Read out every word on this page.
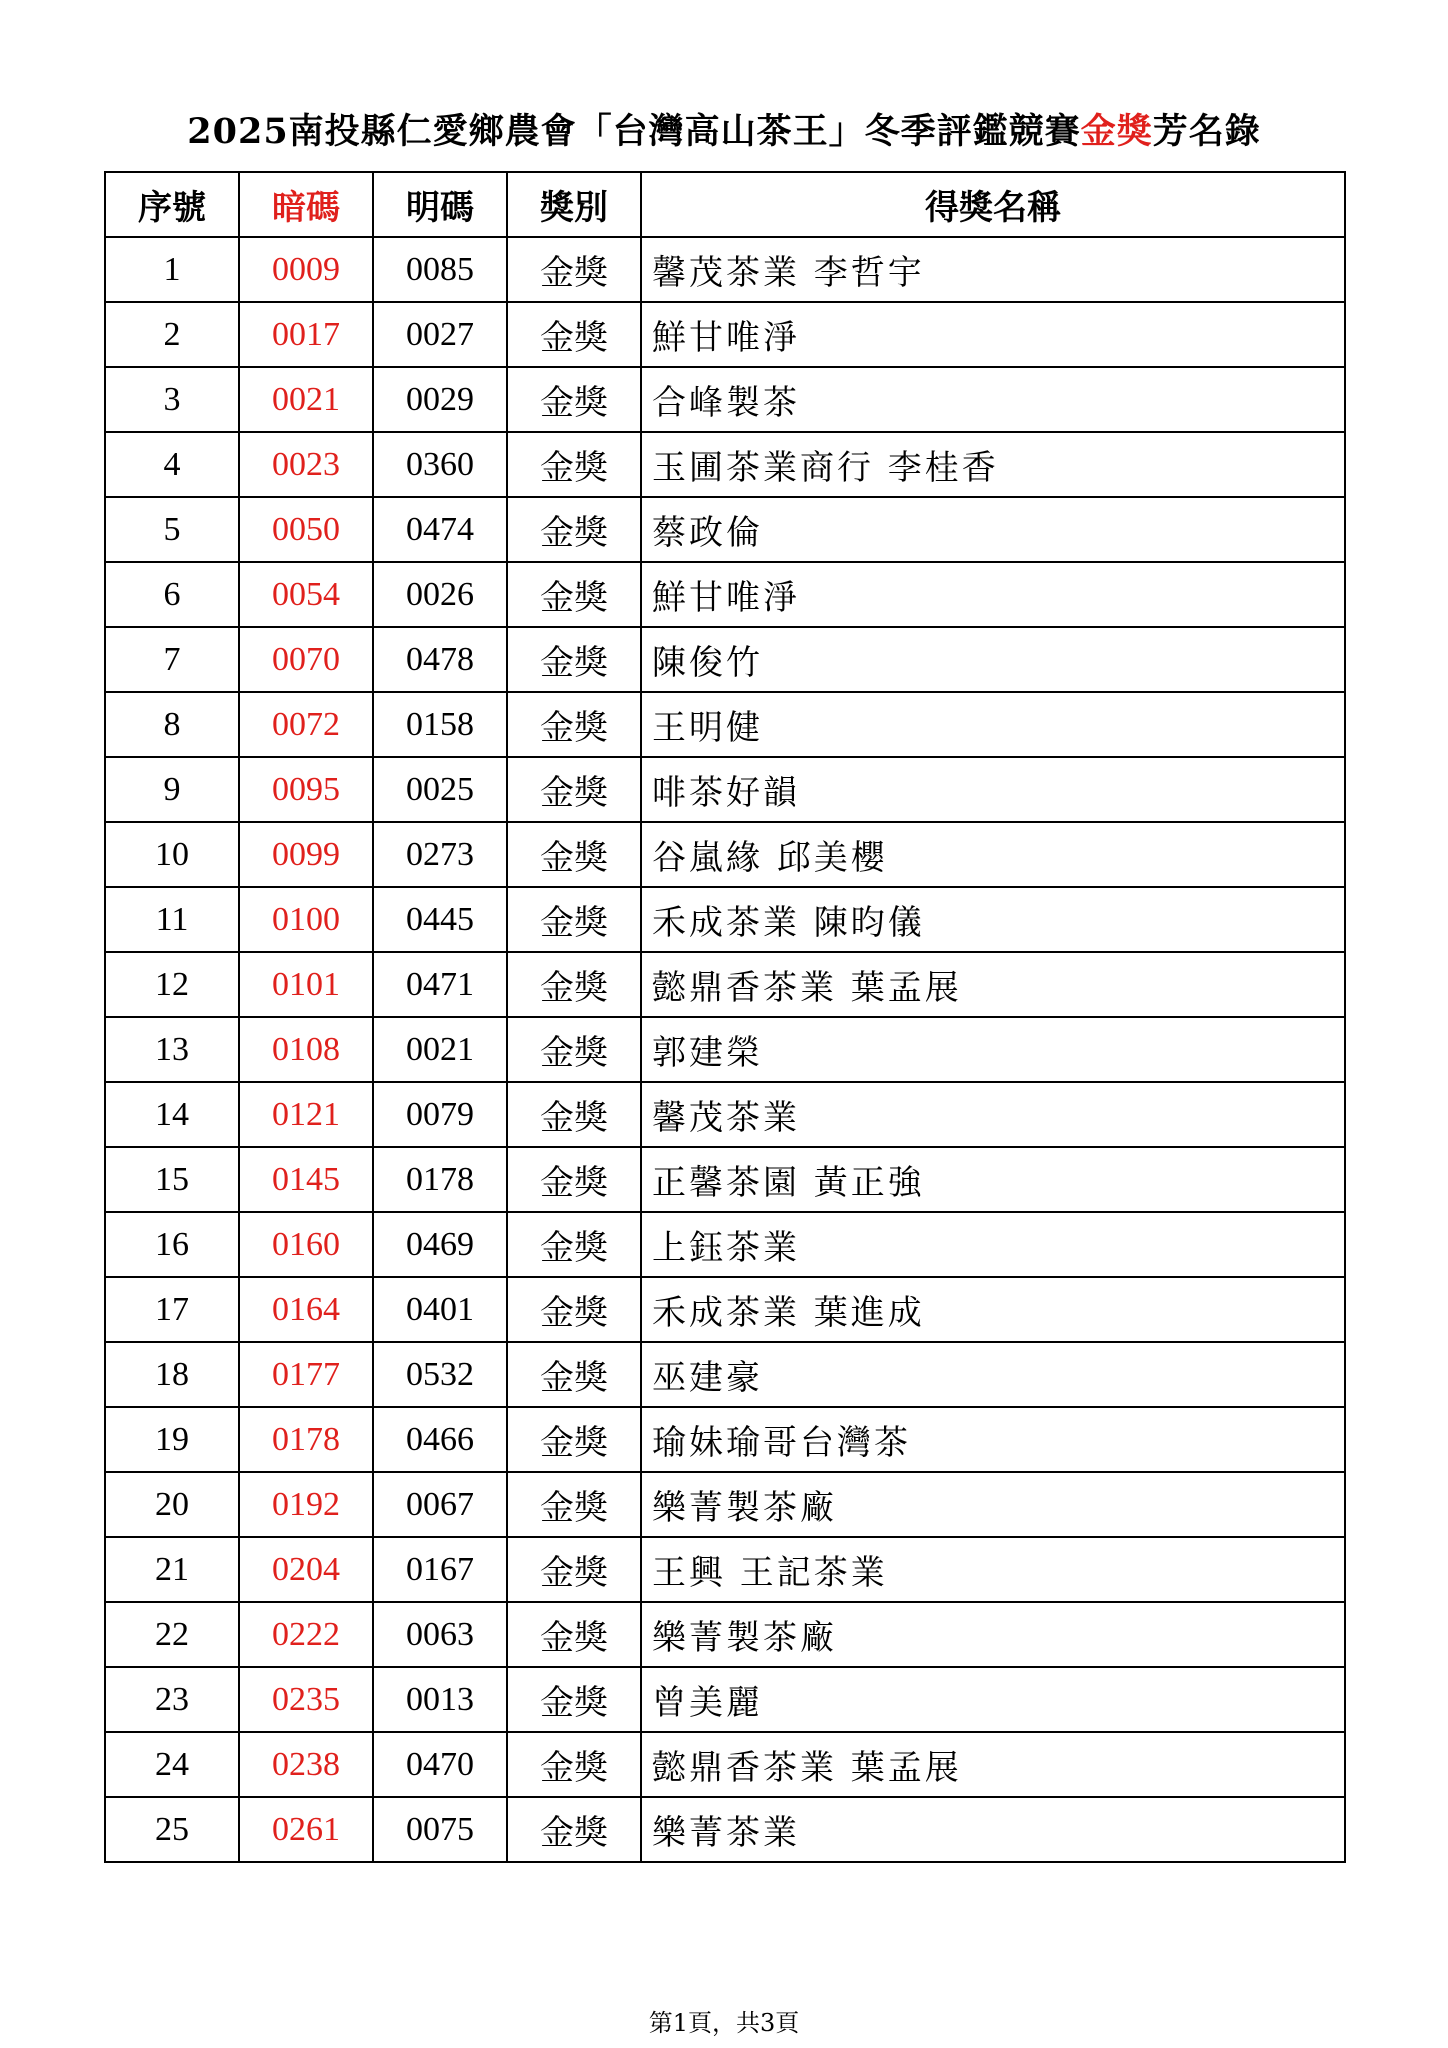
2025南投縣仁愛鄉農會「台灣高山茶王」冬季評鑑競賽金獎芳名錄
序號	暗碼	明碼	獎別	得獎名稱
1	0009	0085	金獎	馨茂茶業 李哲宇
2	0017	0027	金獎	鮮甘唯淨
3	0021	0029	金獎	合峰製茶
4	0023	0360	金獎	玉圃茶業商行 李桂香
5	0050	0474	金獎	蔡政倫
6	0054	0026	金獎	鮮甘唯淨
7	0070	0478	金獎	陳俊竹
8	0072	0158	金獎	王明健
9	0095	0025	金獎	啡茶好韻
10	0099	0273	金獎	谷嵐緣 邱美櫻
11	0100	0445	金獎	禾成茶業 陳昀儀
12	0101	0471	金獎	懿鼎香茶業 葉孟展
13	0108	0021	金獎	郭建榮
14	0121	0079	金獎	馨茂茶業
15	0145	0178	金獎	正馨茶園 黃正強
16	0160	0469	金獎	上鈺茶業
17	0164	0401	金獎	禾成茶業 葉進成
18	0177	0532	金獎	巫建豪
19	0178	0466	金獎	瑜妹瑜哥台灣茶
20	0192	0067	金獎	樂菁製茶廠
21	0204	0167	金獎	王興 王記茶業
22	0222	0063	金獎	樂菁製茶廠
23	0235	0013	金獎	曾美麗
24	0238	0470	金獎	懿鼎香茶業 葉孟展
25	0261	0075	金獎	樂菁茶業
第1頁，共3頁
